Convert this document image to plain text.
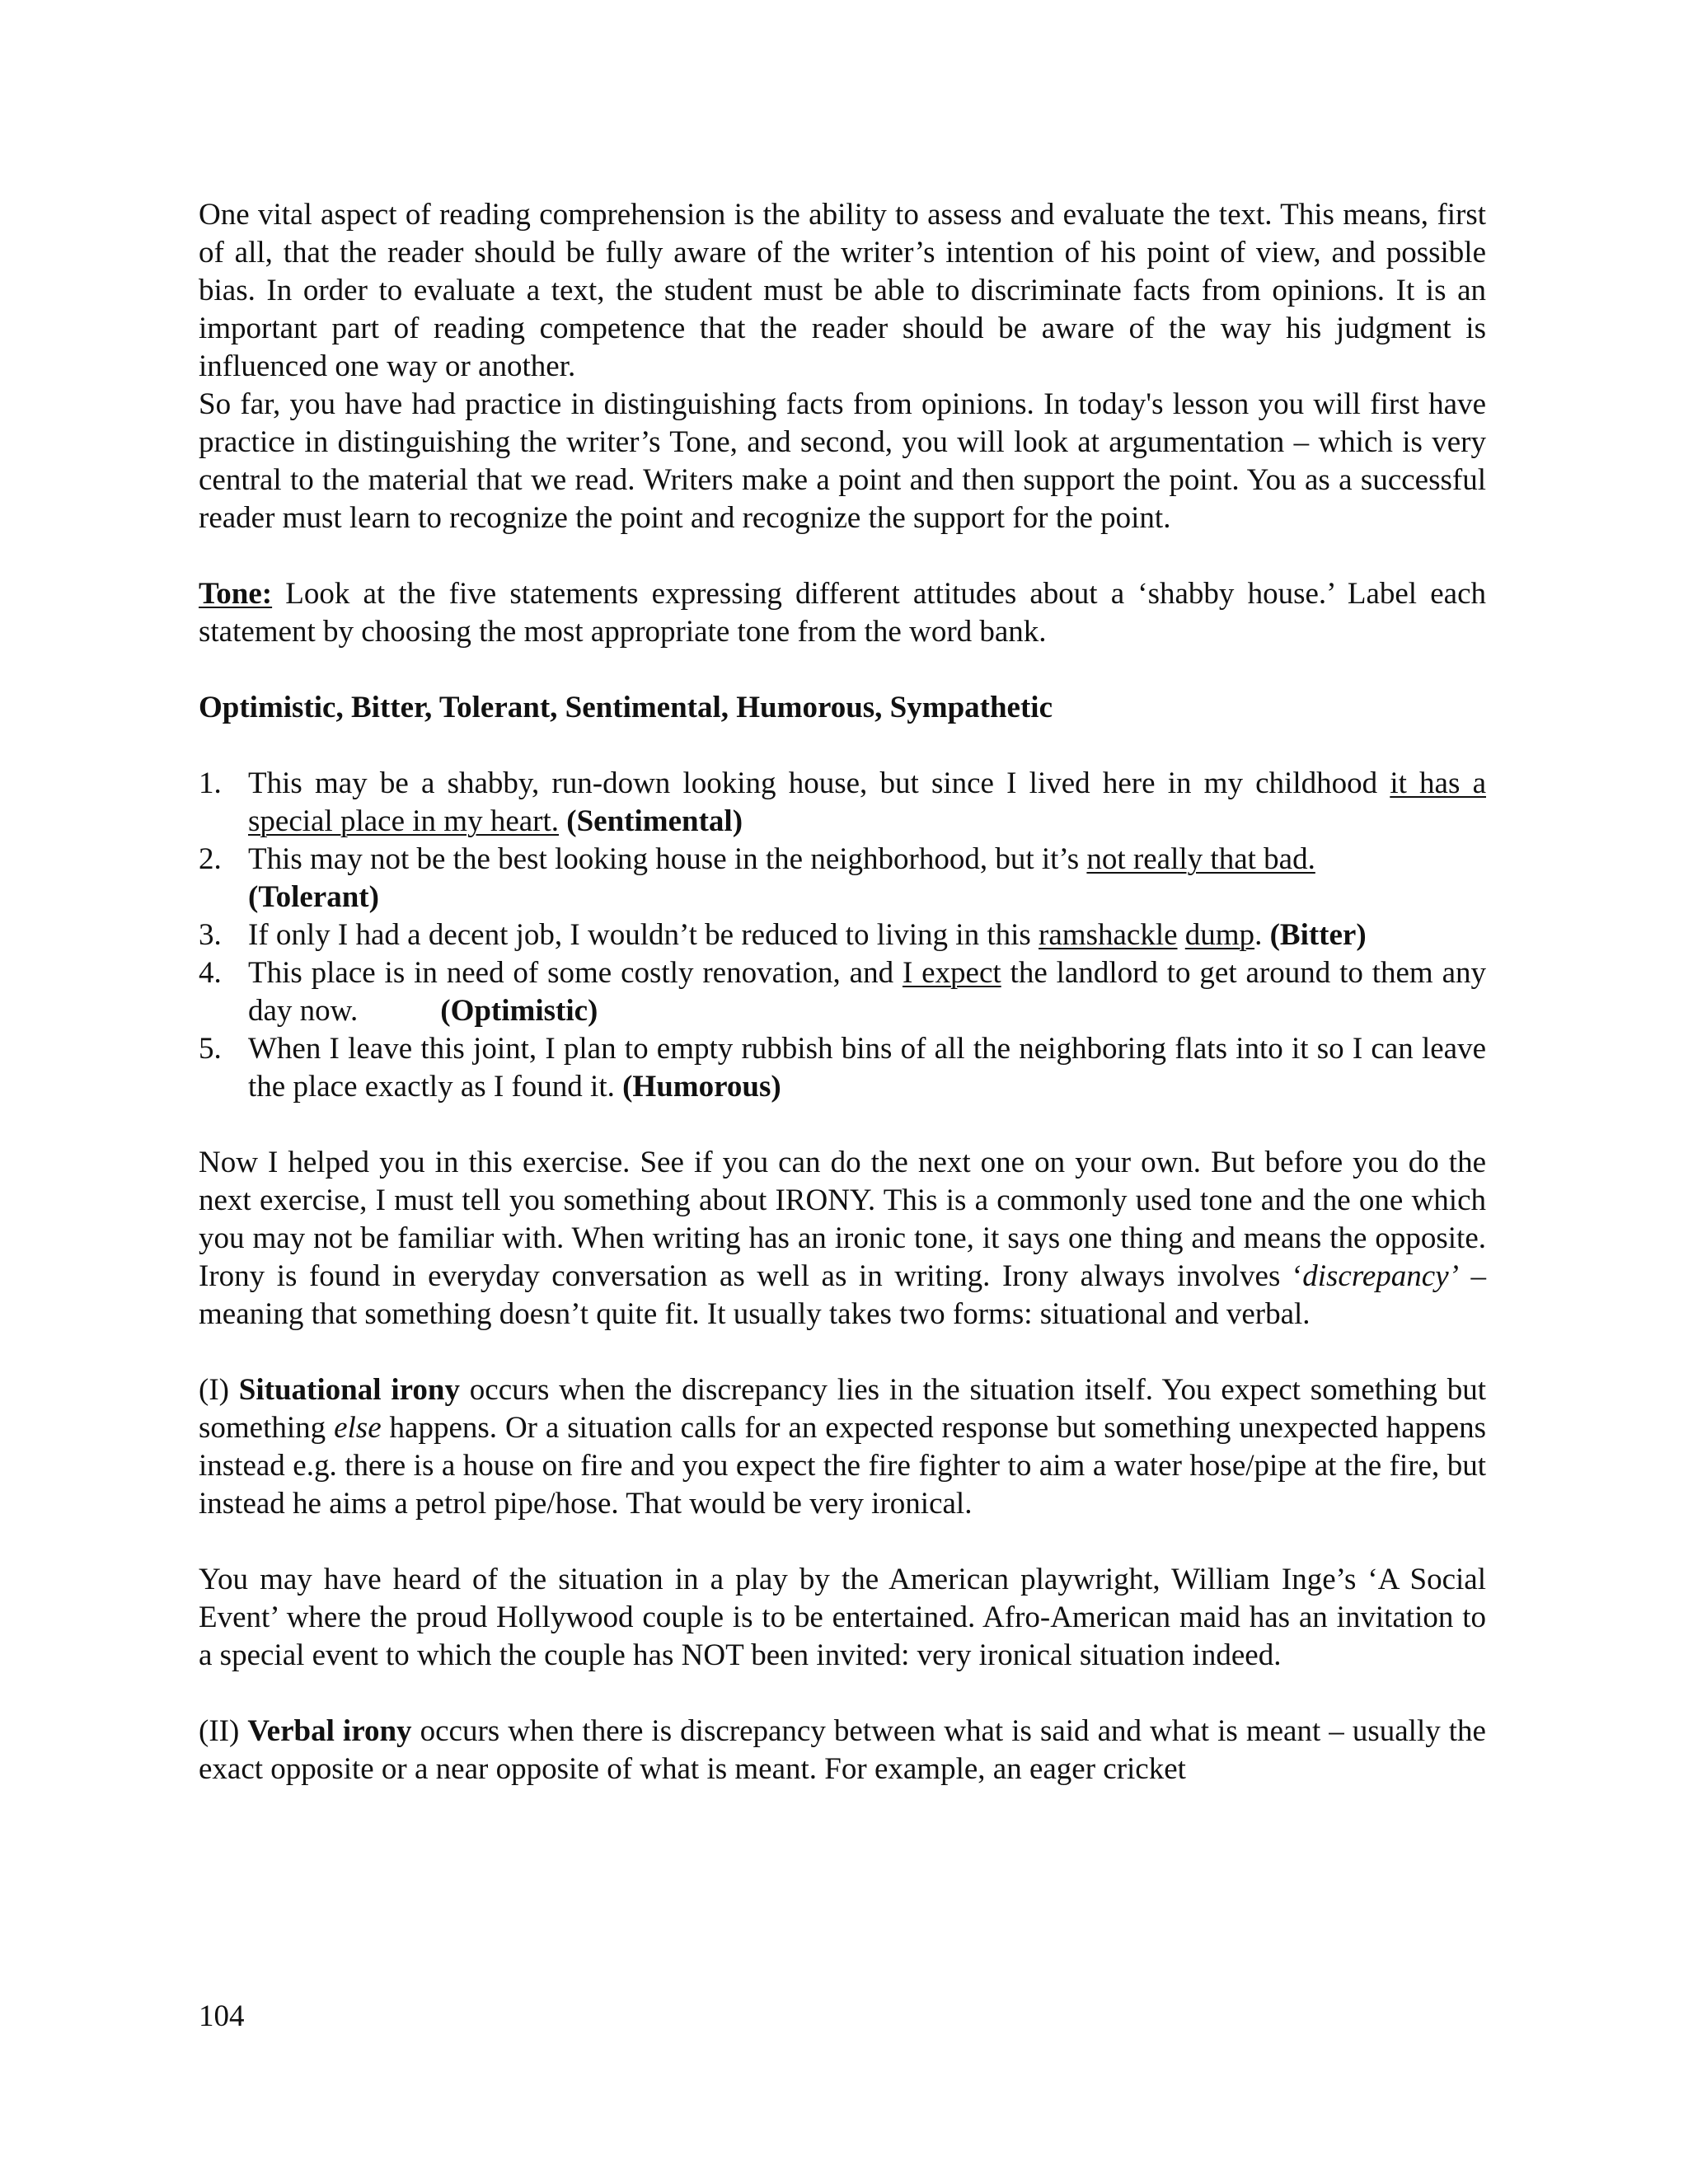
One vital aspect of reading comprehension is the ability to assess and evaluate the text. This means, first of all, that the reader should be fully aware of the writer’s intention of his point of view, and possible bias. In order to evaluate a text, the student must be able to discriminate facts from opinions. It is an important part of reading competence that the reader should be aware of the way his judgment is influenced one way or another.

So far, you have had practice in distinguishing facts from opinions. In today's lesson you will first have practice in distinguishing the writer’s Tone, and second, you will look at argumentation – which is very central to the material that we read. Writers make a point and then support the point. You as a successful reader must learn to recognize the point and recognize the support for the point.

Tone: Look at the five statements expressing different attitudes about a ‘shabby house.’ Label each statement by choosing the most appropriate tone from the word bank.

Optimistic, Bitter, Tolerant, Sentimental, Humorous, Sympathetic

1. This may be a shabby, run-down looking house, but since I lived here in my childhood it has a special place in my heart. (Sentimental)
2. This may not be the best looking house in the neighborhood, but it’s not really that bad.
(Tolerant)
3. If only I had a decent job, I wouldn’t be reduced to living in this ramshackle dump. (Bitter)
4. This place is in need of some costly renovation, and I expect the landlord to get around to them any day now.	(Optimistic)
5. When I leave this joint, I plan to empty rubbish bins of all the neighboring flats into it so I can leave the place exactly as I found it. (Humorous)

Now I helped you in this exercise. See if you can do the next one on your own. But before you do the next exercise, I must tell you something about IRONY. This is a commonly used tone and the one which you may not be familiar with. When writing has an ironic tone, it says one thing and means the opposite. Irony is found in everyday conversation as well as in writing. Irony always involves ‘discrepancy’ – meaning that something doesn’t quite fit. It usually takes two forms: situational and verbal.

(I) Situational irony occurs when the discrepancy lies in the situation itself. You expect something but something else happens. Or a situation calls for an expected response but something unexpected happens instead e.g. there is a house on fire and you expect the fire fighter to aim a water hose/pipe at the fire, but instead he aims a petrol pipe/hose. That would be very ironical.

You may have heard of the situation in a play by the American playwright, William Inge’s ‘A Social Event’ where the proud Hollywood couple is to be entertained. Afro-American maid has an invitation to a special event to which the couple has NOT been invited: very ironical situation indeed.

(II) Verbal irony occurs when there is discrepancy between what is said and what is meant – usually the exact opposite or a near opposite of what is meant. For example, an eager cricket

104
